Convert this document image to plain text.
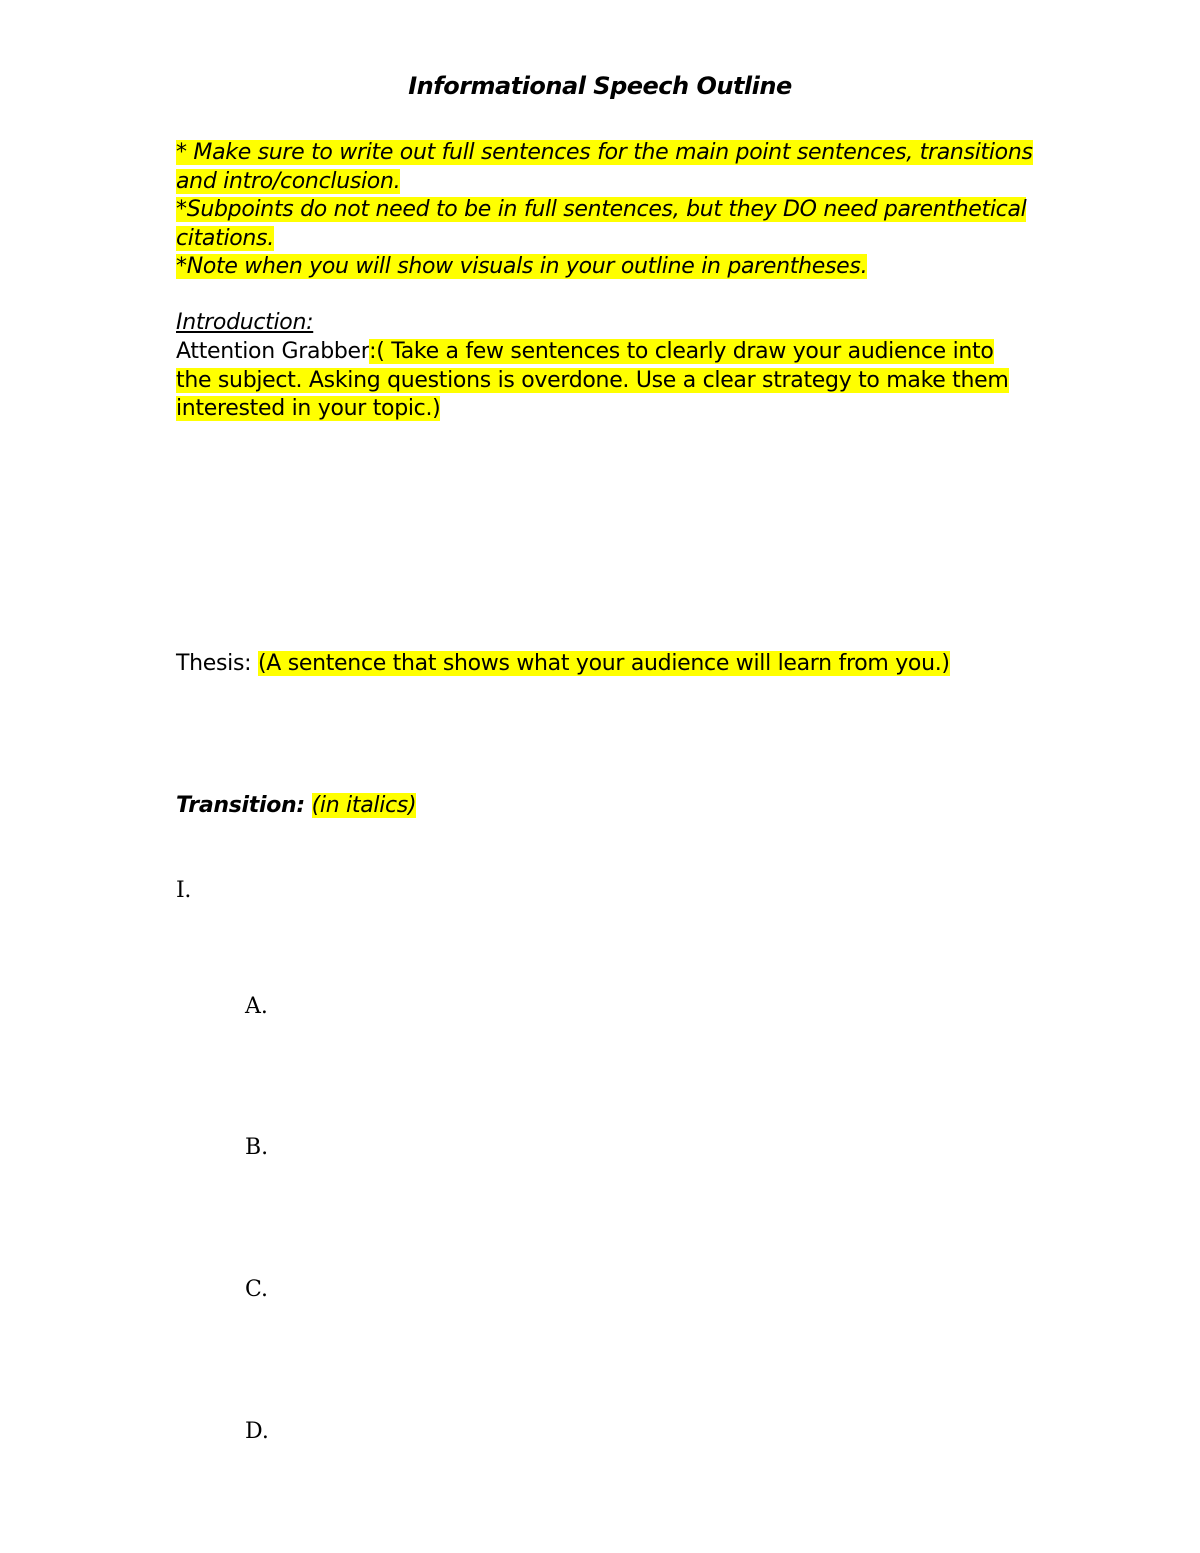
Informational Speech Outline
* Make sure to write out full sentences for the main point sentences, transitions and intro/conclusion.
*Subpoints do not need to be in full sentences, but they DO need parenthetical citations.
*Note when you will show visuals in your outline in parentheses.
Introduction:
Attention Grabber:( Take a few sentences to clearly draw your audience into the subject. Asking questions is overdone. Use a clear strategy to make them interested in your topic.)
Thesis: (A sentence that shows what your audience will learn from you.)
Transition: (in italics)
I.
A.
B.
C.
D.
